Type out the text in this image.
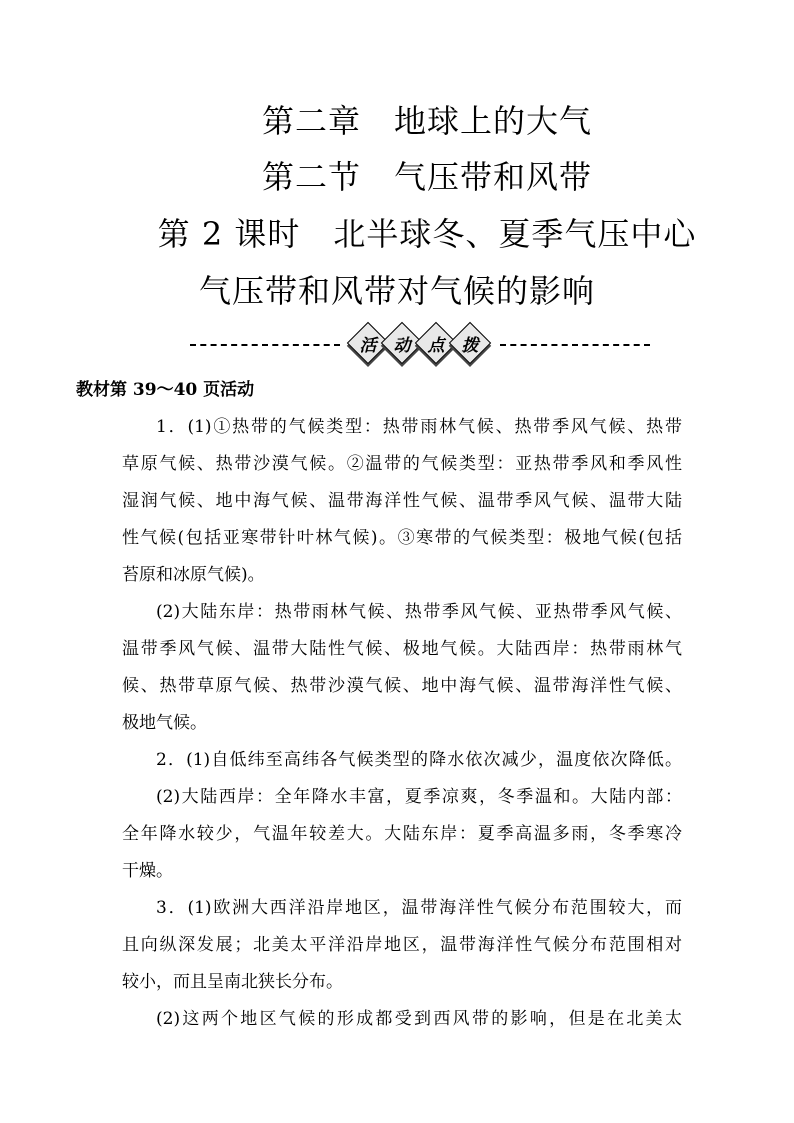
第二章　地球上的大气
第二节　气压带和风带
第 2 课时　北半球冬、夏季气压中心
气压带和风带对气候的影响
活	动	点	拨
教材第 39～40 页活动
1．(1)①热带的气候类型：热带雨林气候、热带季风气候、热带
草原气候、热带沙漠气候。②温带的气候类型：亚热带季风和季风性
湿润气候、地中海气候、温带海洋性气候、温带季风气候、温带大陆
性气候(包括亚寒带针叶林气候)。③寒带的气候类型：极地气候(包括
苔原和冰原气候)。
(2)大陆东岸：热带雨林气候、热带季风气候、亚热带季风气候、
温带季风气候、温带大陆性气候、极地气候。大陆西岸：热带雨林气
候、热带草原气候、热带沙漠气候、地中海气候、温带海洋性气候、
极地气候。
2．(1)自低纬至高纬各气候类型的降水依次减少，温度依次降低。
(2)大陆西岸：全年降水丰富，夏季凉爽，冬季温和。大陆内部：
全年降水较少，气温年较差大。大陆东岸：夏季高温多雨，冬季寒冷
干燥。
3．(1)欧洲大西洋沿岸地区，温带海洋性气候分布范围较大，而
且向纵深发展；北美太平洋沿岸地区，温带海洋性气候分布范围相对
较小，而且呈南北狭长分布。
(2)这两个地区气候的形成都受到西风带的影响，但是在北美太
